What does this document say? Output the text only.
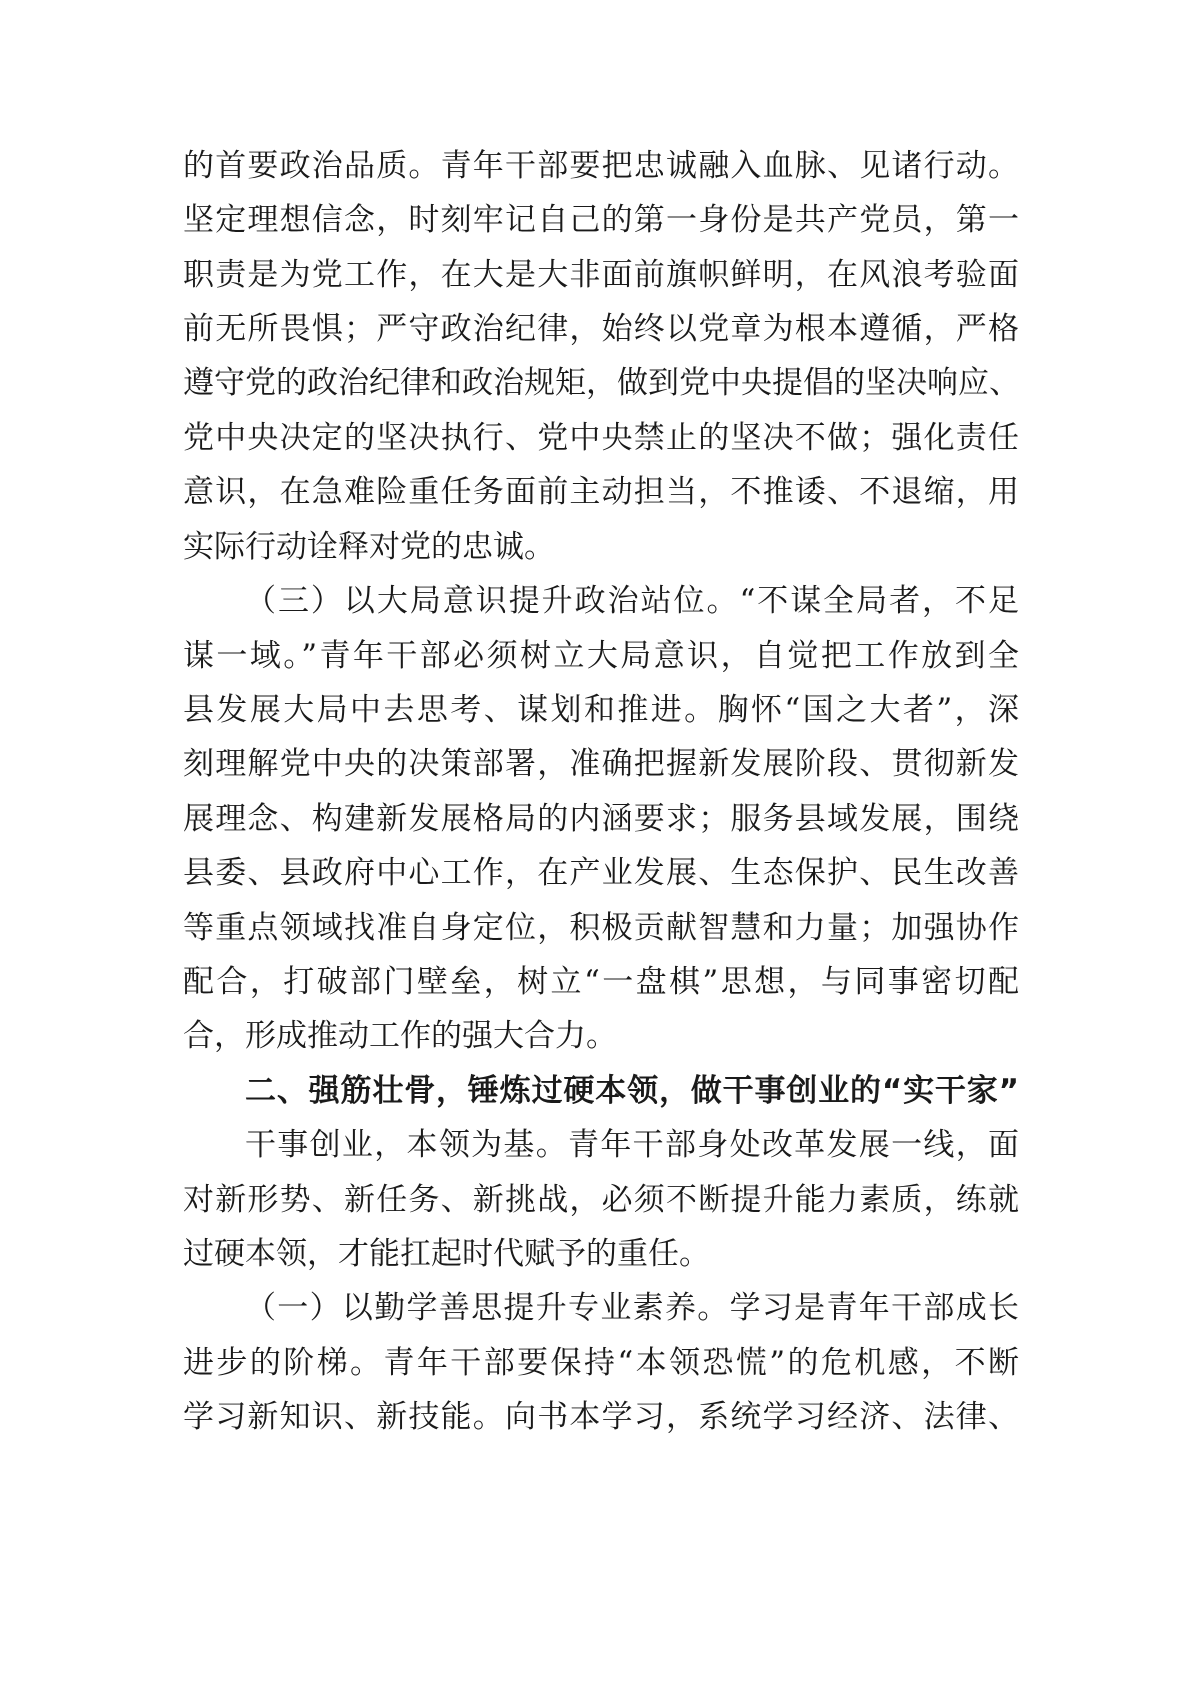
的首要政治品质。青年干部要把忠诚融入血脉、见诸行动。
坚定理想信念，时刻牢记自己的第一身份是共产党员，第一
职责是为党工作，在大是大非面前旗帜鲜明，在风浪考验面
前无所畏惧；严守政治纪律，始终以党章为根本遵循，严格
遵守党的政治纪律和政治规矩，做到党中央提倡的坚决响应、
党中央决定的坚决执行、党中央禁止的坚决不做；强化责任
意识，在急难险重任务面前主动担当，不推诿、不退缩，用
实际行动诠释对党的忠诚。
（三）以大局意识提升政治站位。“不谋全局者，不足
谋一域。”青年干部必须树立大局意识，自觉把工作放到全
县发展大局中去思考、谋划和推进。胸怀“国之大者”，深
刻理解党中央的决策部署，准确把握新发展阶段、贯彻新发
展理念、构建新发展格局的内涵要求；服务县域发展，围绕
县委、县政府中心工作，在产业发展、生态保护、民生改善
等重点领域找准自身定位，积极贡献智慧和力量；加强协作
配合，打破部门壁垒，树立“一盘棋”思想，与同事密切配
合，形成推动工作的强大合力。
二、强筋壮骨，锤炼过硬本领，做干事创业的“实干家”
干事创业，本领为基。青年干部身处改革发展一线，面
对新形势、新任务、新挑战，必须不断提升能力素质，练就
过硬本领，才能扛起时代赋予的重任。
（一）以勤学善思提升专业素养。学习是青年干部成长
进步的阶梯。青年干部要保持“本领恐慌”的危机感，不断
学习新知识、新技能。向书本学习，系统学习经济、法律、
